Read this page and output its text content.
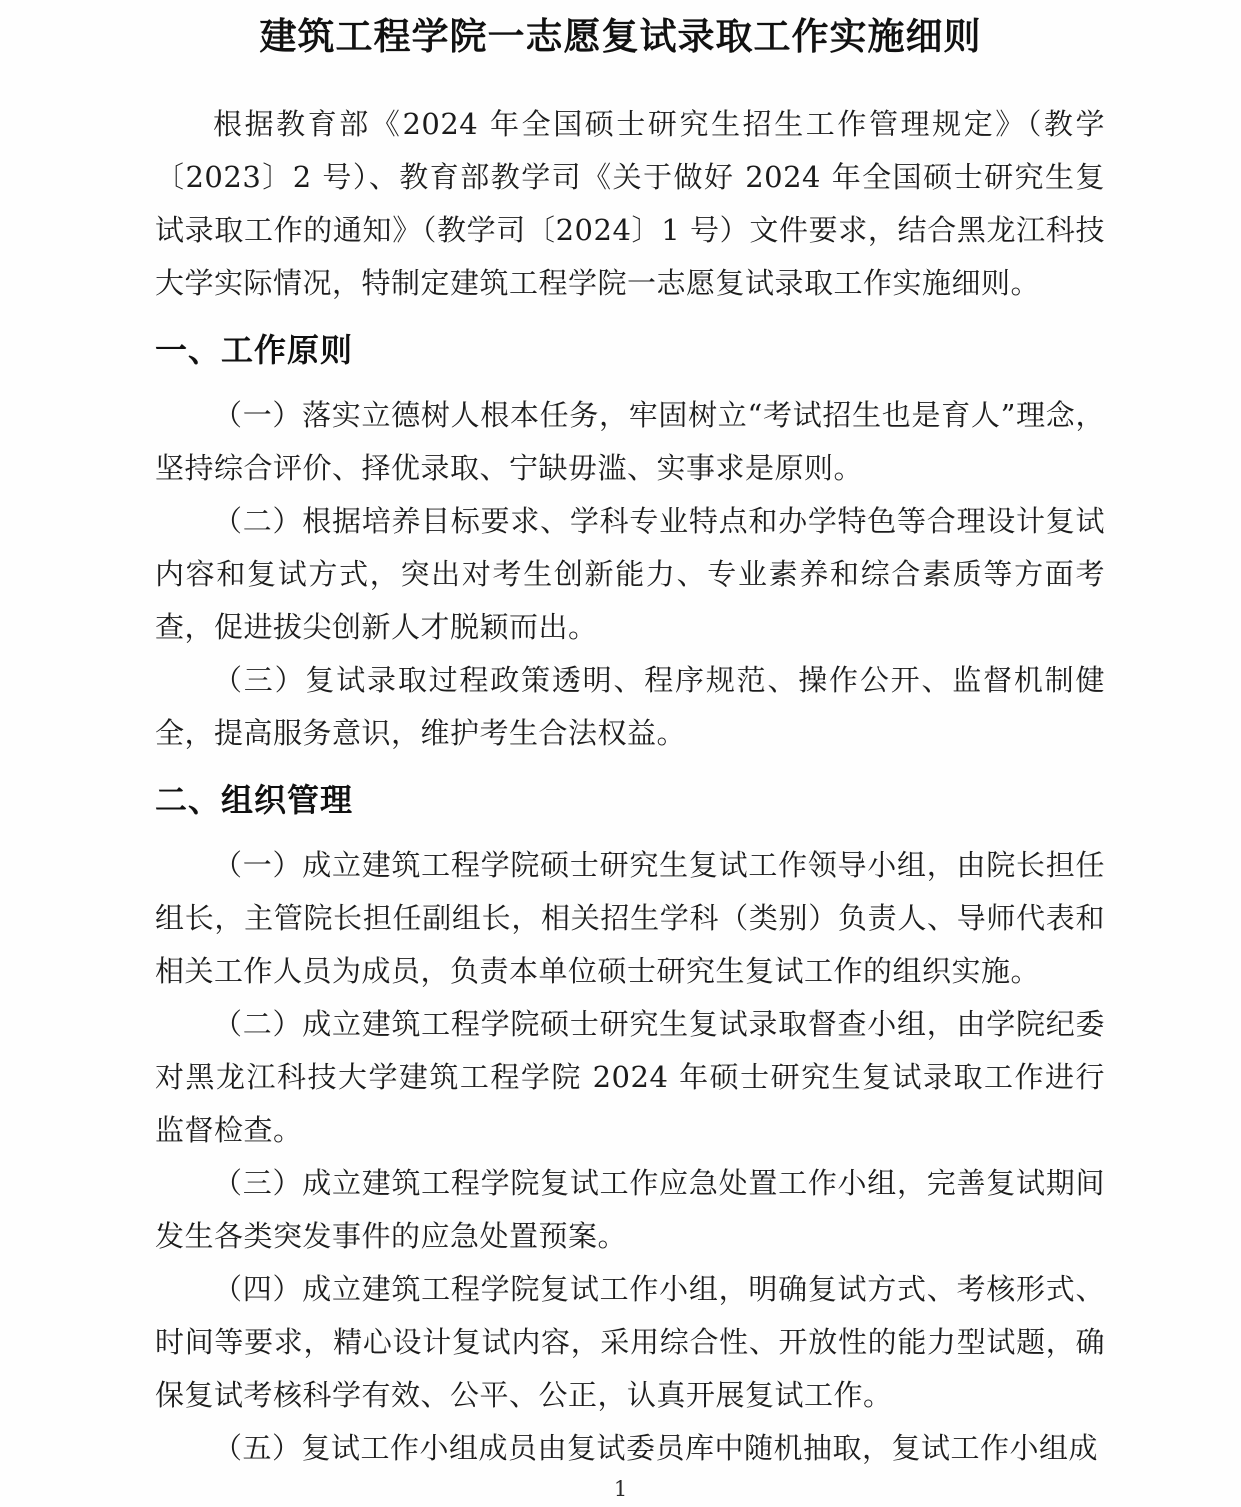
建筑工程学院一志愿复试录取工作实施细则

根据教育部《2024 年全国硕士研究生招生工作管理规定》（教学〔2023〕2 号）、教育部教学司《关于做好 2024 年全国硕士研究生复试录取工作的通知》（教学司〔2024〕1 号）文件要求，结合黑龙江科技大学实际情况，特制定建筑工程学院一志愿复试录取工作实施细则。

一、工作原则

（一）落实立德树人根本任务，牢固树立“考试招生也是育人”理念，坚持综合评价、择优录取、宁缺毋滥、实事求是原则。

（二）根据培养目标要求、学科专业特点和办学特色等合理设计复试内容和复试方式，突出对考生创新能力、专业素养和综合素质等方面考查，促进拔尖创新人才脱颖而出。

（三）复试录取过程政策透明、程序规范、操作公开、监督机制健全，提高服务意识，维护考生合法权益。

二、组织管理

（一）成立建筑工程学院硕士研究生复试工作领导小组，由院长担任组长，主管院长担任副组长，相关招生学科（类别）负责人、导师代表和相关工作人员为成员，负责本单位硕士研究生复试工作的组织实施。

（二）成立建筑工程学院硕士研究生复试录取督查小组，由学院纪委对黑龙江科技大学建筑工程学院 2024 年硕士研究生复试录取工作进行监督检查。

（三）成立建筑工程学院复试工作应急处置工作小组，完善复试期间发生各类突发事件的应急处置预案。

（四）成立建筑工程学院复试工作小组，明确复试方式、考核形式、时间等要求，精心设计复试内容，采用综合性、开放性的能力型试题，确保复试考核科学有效、公平、公正，认真开展复试工作。

（五）复试工作小组成员由复试委员库中随机抽取，复试工作小组成

1
